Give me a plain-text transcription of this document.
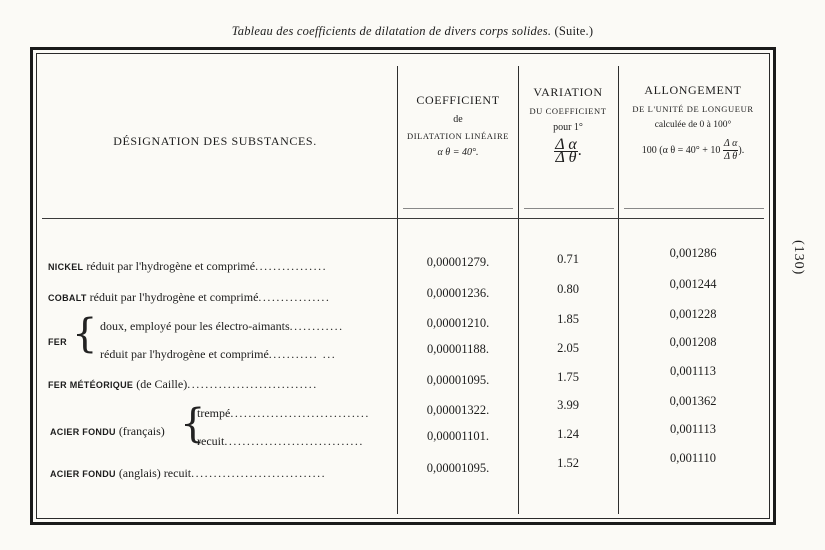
Tableau des coefficients de dilatation de divers corps solides. (Suite.)
(130)
DÉSIGNATION DES SUBSTANCES.
COEFFICIENT
de
DILATATION LINÉAIRE
α θ = 40°.
VARIATION
DU COEFFICIENT
pour 1°
$\frac{\text{Δ α}}{\text{Δ θ}}$ .
ALLONGEMENT
DE L'UNITÉ DE LONGUEUR
calculée de 0 à 100°
100 (α $\theta = 40^\circ + 10 \frac{\text{Δ α}}{\text{Δ θ}}$ ).
NICKEL réduit par l'hydrogène et comprimé................
COBALT réduit par l'hydrogène et comprimé................
FER { doux, employé pour les électro-aimants............
réduit par l'hydrogène et comprimé........... ...
FER MÉTÉORIQUE (de Caille).............................
ACIER FONDU (français) {
trempé...............................
recuit...............................
ACIER FONDU (anglais) recuit..............................
0,00001279.
0,00001236.
0,00001210.
0,00001188.
0,00001095.
0,00001322.
0,00001101.
0,00001095.
0.71
0.80
1.85
2.05
1.75
3.99
1.24
1.52
0,001286
0,001244
0,001228
0,001208
0,001113
0,001362
0,001113
0,001110
